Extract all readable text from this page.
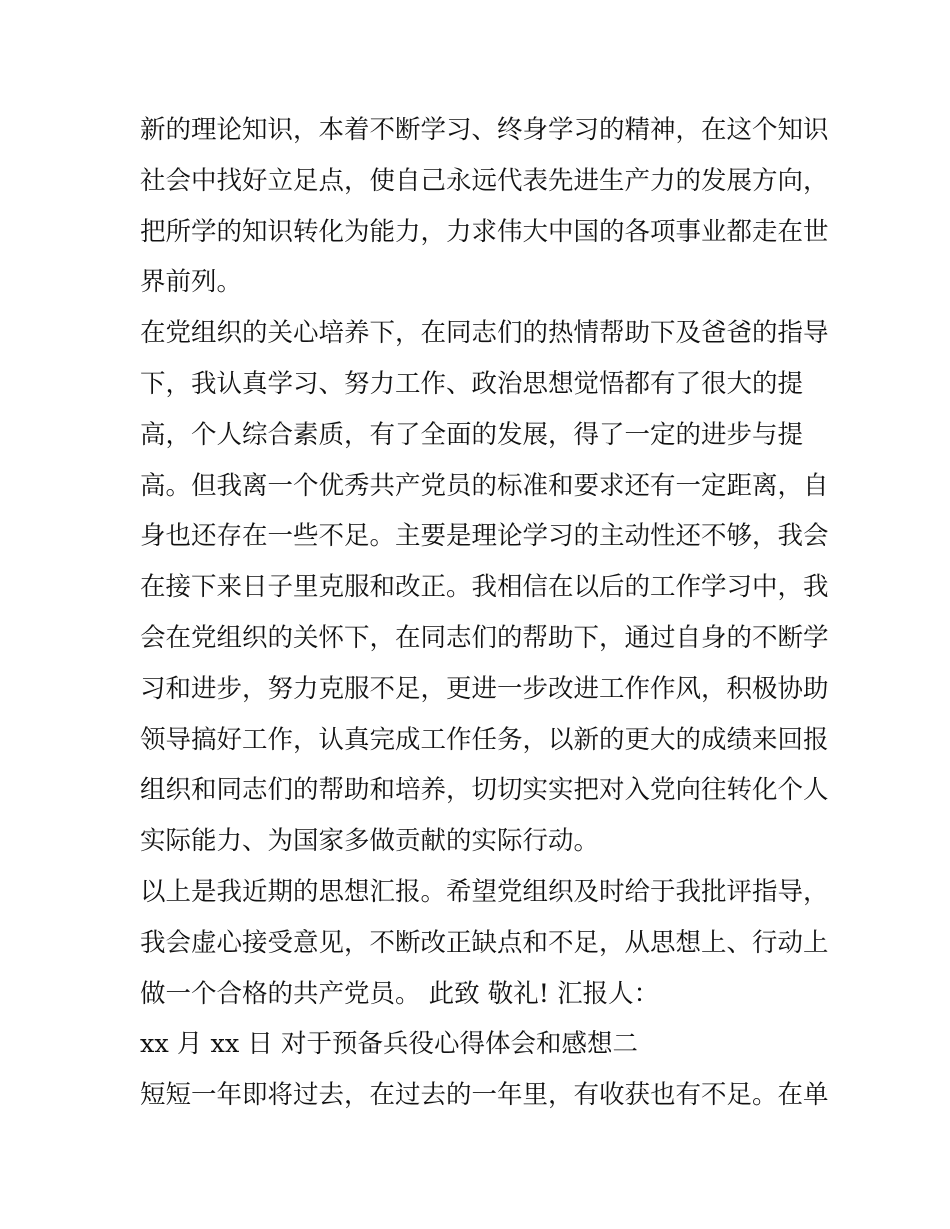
新的理论知识，本着不断学习、终身学习的精神，在这个知识
社会中找好立足点，使自己永远代表先进生产力的发展方向，
把所学的知识转化为能力，力求伟大中国的各项事业都走在世
界前列。
在党组织的关心培养下，在同志们的热情帮助下及爸爸的指导
下，我认真学习、努力工作、政治思想觉悟都有了很大的提
高，个人综合素质，有了全面的发展，得了一定的进步与提
高。但我离一个优秀共产党员的标准和要求还有一定距离，自
身也还存在一些不足。主要是理论学习的主动性还不够，我会
在接下来日子里克服和改正。我相信在以后的工作学习中，我
会在党组织的关怀下，在同志们的帮助下，通过自身的不断学
习和进步，努力克服不足，更进一步改进工作作风，积极协助
领导搞好工作，认真完成工作任务，以新的更大的成绩来回报
组织和同志们的帮助和培养，切切实实把对入党向往转化个人
实际能力、为国家多做贡献的实际行动。
以上是我近期的思想汇报。希望党组织及时给于我批评指导，
我会虚心接受意见，不断改正缺点和不足，从思想上、行动上
做一个合格的共产党员。 此致 敬礼! 汇报人：
xx 月 xx 日 对于预备兵役心得体会和感想二
短短一年即将过去，在过去的一年里，有收获也有不足。在单
